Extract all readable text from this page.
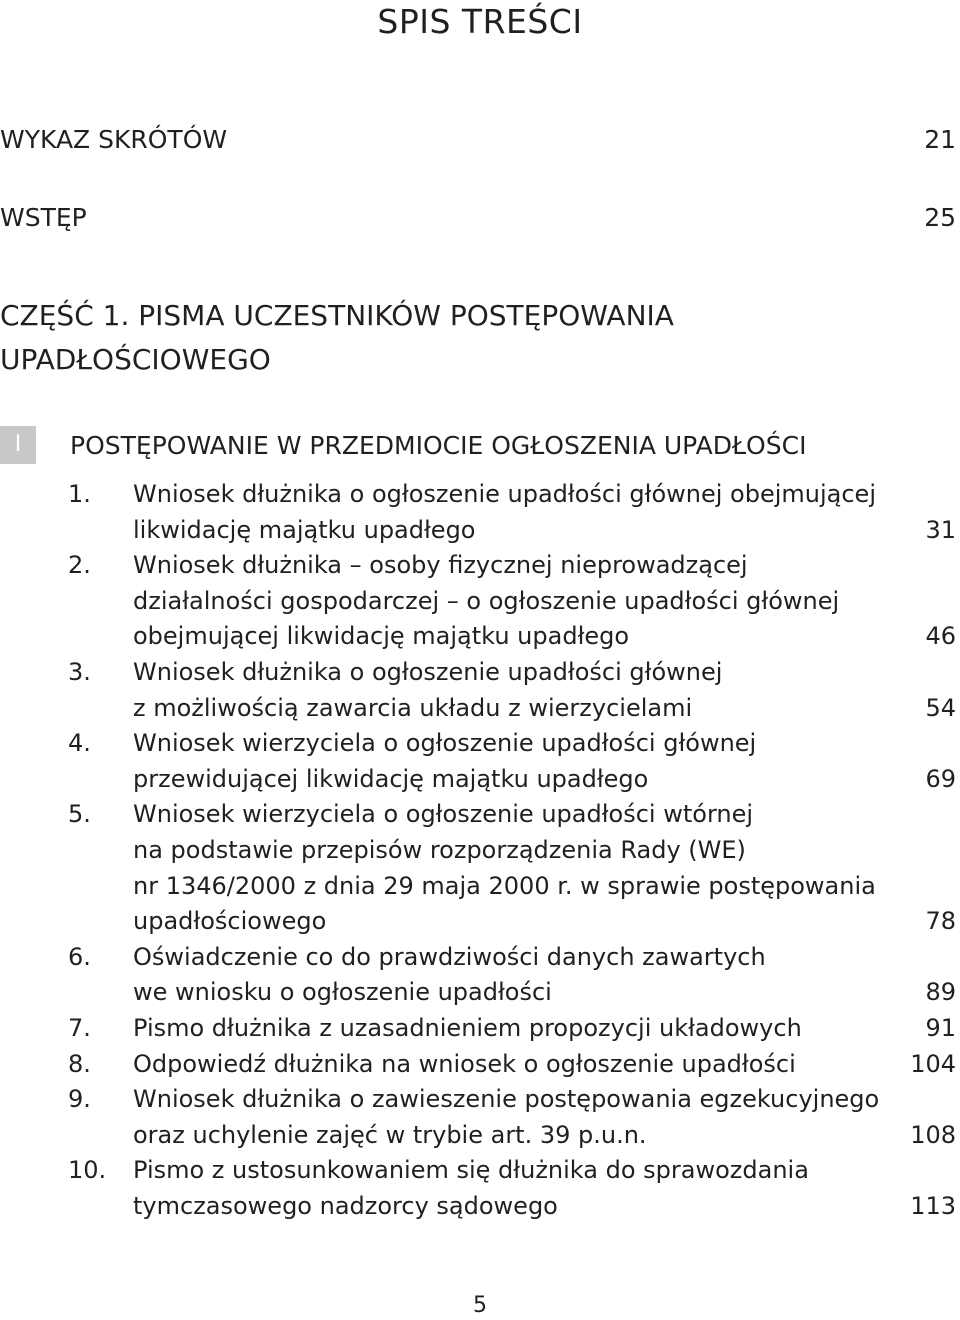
SPIS TREŚCI
WYKAZ SKRÓTÓW	21
WSTĘP	25
CZĘŚĆ 1. PISMA UCZESTNIKÓW POSTĘPOWANIA
UPADŁOŚCIOWEGO
I	POSTĘPOWANIE W PRZEDMIOCIE OGŁOSZENIA UPADŁOŚCI
1. Wniosek dłużnika o ogłoszenie upadłości głównej obejmującej
likwidację majątku upadłego	31
2. Wniosek dłużnika – osoby fizycznej nieprowadzącej
działalności gospodarczej – o ogłoszenie upadłości głównej
obejmującej likwidację majątku upadłego	46
3. Wniosek dłużnika o ogłoszenie upadłości głównej
z możliwością zawarcia układu z wierzycielami	54
4. Wniosek wierzyciela o ogłoszenie upadłości głównej
przewidującej likwidację majątku upadłego	69
5. Wniosek wierzyciela o ogłoszenie upadłości wtórnej
na podstawie przepisów rozporządzenia Rady (WE)
nr 1346/2000 z dnia 29 maja 2000 r. w sprawie postępowania
upadłościowego	78
6. Oświadczenie co do prawdziwości danych zawartych
we wniosku o ogłoszenie upadłości	89
7. Pismo dłużnika z uzasadnieniem propozycji układowych	91
8. Odpowiedź dłużnika na wniosek o ogłoszenie upadłości	104
9. Wniosek dłużnika o zawieszenie postępowania egzekucyjnego
oraz uchylenie zajęć w trybie art. 39 p.u.n.	108
10. Pismo z ustosunkowaniem się dłużnika do sprawozdania
tymczasowego nadzorcy sądowego	113
5
